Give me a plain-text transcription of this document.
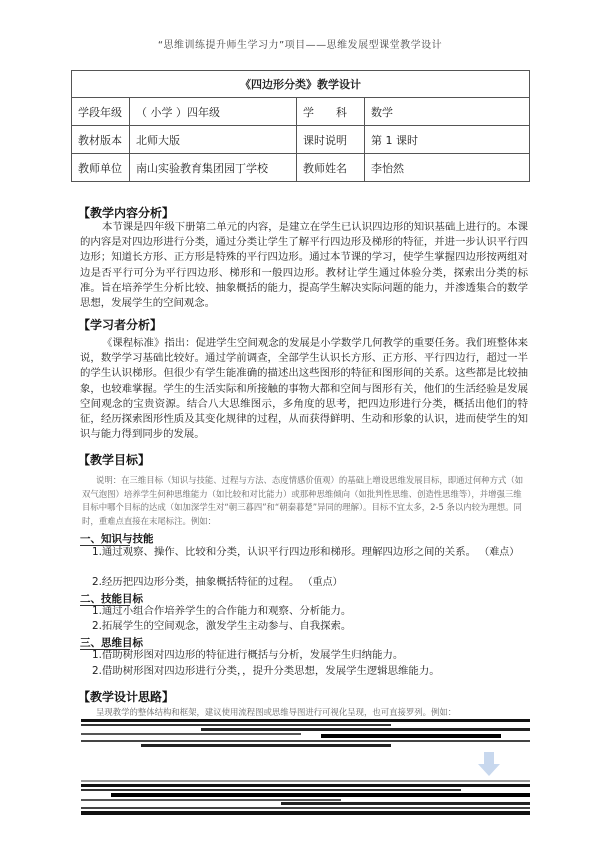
“思维训练提升师生学习力”项目——思维发展型课堂教学设计
《四边形分类》教学设计			
学段年级	（ 小学 ）四年级	学　　科	数学
教材版本	北师大版	课时说明	第 1 课时
教师单位	南山实验教育集团园丁学校	教师姓名	李怡然
【教学内容分析】
本节课是四年级下册第二单元的内容，是建立在学生已认识四边形的知识基础上进行的。本课的内容是对四边形进行分类，通过分类让学生了解平行四边形及梯形的特征，并进一步认识平行四边形；知道长方形、正方形是特殊的平行四边形。通过本节课的学习，使学生掌握四边形按两组对边是否平行可分为平行四边形、梯形和一般四边形。教材让学生通过体验分类，探索出分类的标准。旨在培养学生分析比较、抽象概括的能力，提高学生解决实际问题的能力，并渗透集合的数学思想，发展学生的空间观念。
【学习者分析】
《课程标准》指出：促进学生空间观念的发展是小学数学几何教学的重要任务。我们班整体来说，数学学习基础比较好。通过学前调查，全部学生认识长方形、正方形、平行四边行，超过一半的学生认识梯形。但很少有学生能准确的描述出这些图形的特征和图形间的关系。这些都是比较抽象，也较难掌握。学生的生活实际和所接触的事物大都和空间与图形有关，他们的生活经验是发展空间观念的宝贵资源。结合八大思维图示，多角度的思考，把四边形进行分类，概括出他们的特征，经历探索图形性质及其变化规律的过程，从而获得鲜明、生动和形象的认识，进而使学生的知识与能力得到同步的发展。
【教学目标】
说明：在三维目标（知识与技能、过程与方法、态度情感价值观）的基础上增设思维发展目标，即通过何种方式（如双气泡图）培养学生何种思维能力（如比较和对比能力）或那种思维倾向（如批判性思维、创造性思维等），并增强三维目标中哪个目标的达成（如加深学生对“朝三暮四”和“朝秦暮楚”异同的理解）。目标不宜太多，2-5 条以内较为理想。同时，重难点直接在末尾标注。例如：
一、知识与技能
1.通过观察、操作、比较和分类，认识平行四边形和梯形。理解四边形之间的关系。 （难点）
2.经历把四边形分类，抽象概括特征的过程。 （重点）
二、技能目标
1.通过小组合作培养学生的合作能力和观察、分析能力。
2.拓展学生的空间观念，激发学生主动参与、自我探索。
三、思维目标
1.借助树形图对四边形的特征进行概括与分析，发展学生归纳能力。
2.借助树形图对四边形进行分类，，提升分类思想，发展学生逻辑思维能力。
【教学设计思路】
呈现教学的整体结构和框架，建议使用流程图或思维导图进行可视化呈现，也可直接罗列。例如：
